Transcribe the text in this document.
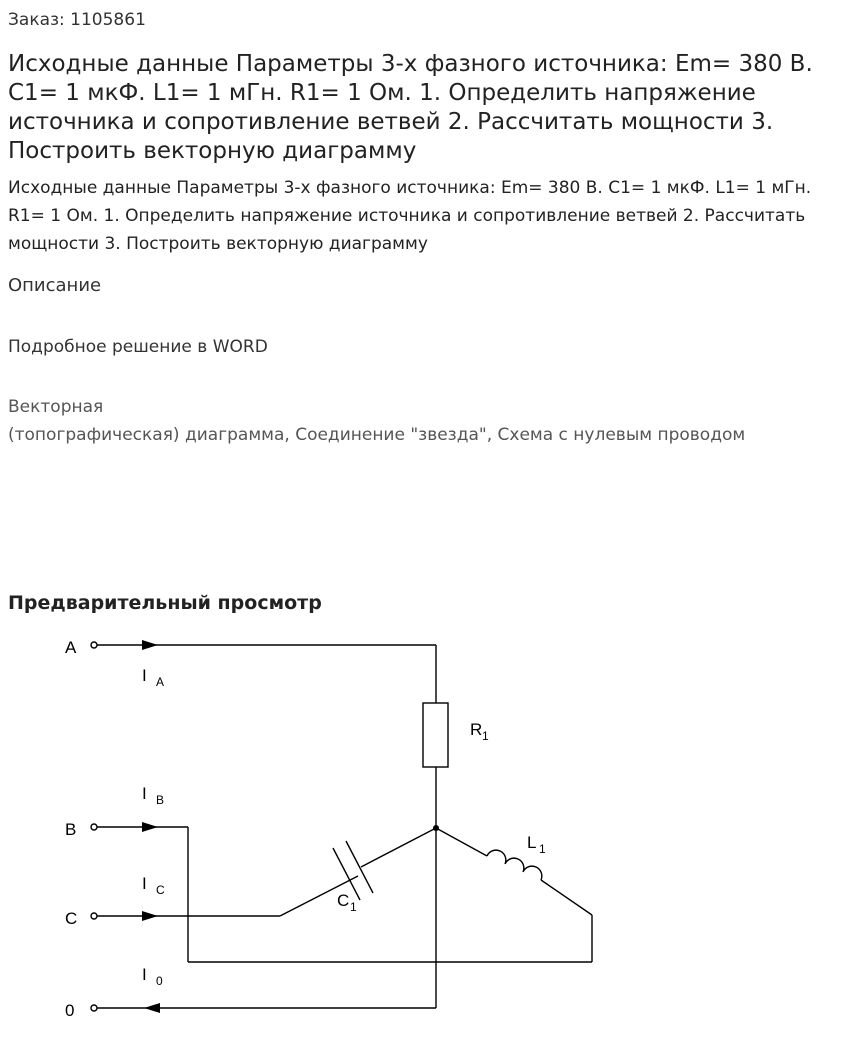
Заказ: 1105861
Исходные данные Параметры 3-х фазного источника: Em= 380 В. С1= 1 мкФ. L1= 1 мГн. R1= 1 Ом. 1. Определить напряжение источника и сопротивление ветвей 2. Рассчитать мощности 3. Построить векторную диаграмму
Исходные данные Параметры 3-х фазного источника: Em= 380 В. С1= 1 мкФ. L1= 1 мГн. R1= 1 Ом. 1. Определить напряжение источника и сопротивление ветвей 2. Рассчитать мощности 3. Построить векторную диаграмму
Описание
Подробное решение в WORD
Векторная
(топографическая) диаграмма, Соединение "звезда", Схема с нулевым проводом
Предварительный просмотр
A
B
C
0
I A
I B
I C
I 0
R 1
L 1
C 1
